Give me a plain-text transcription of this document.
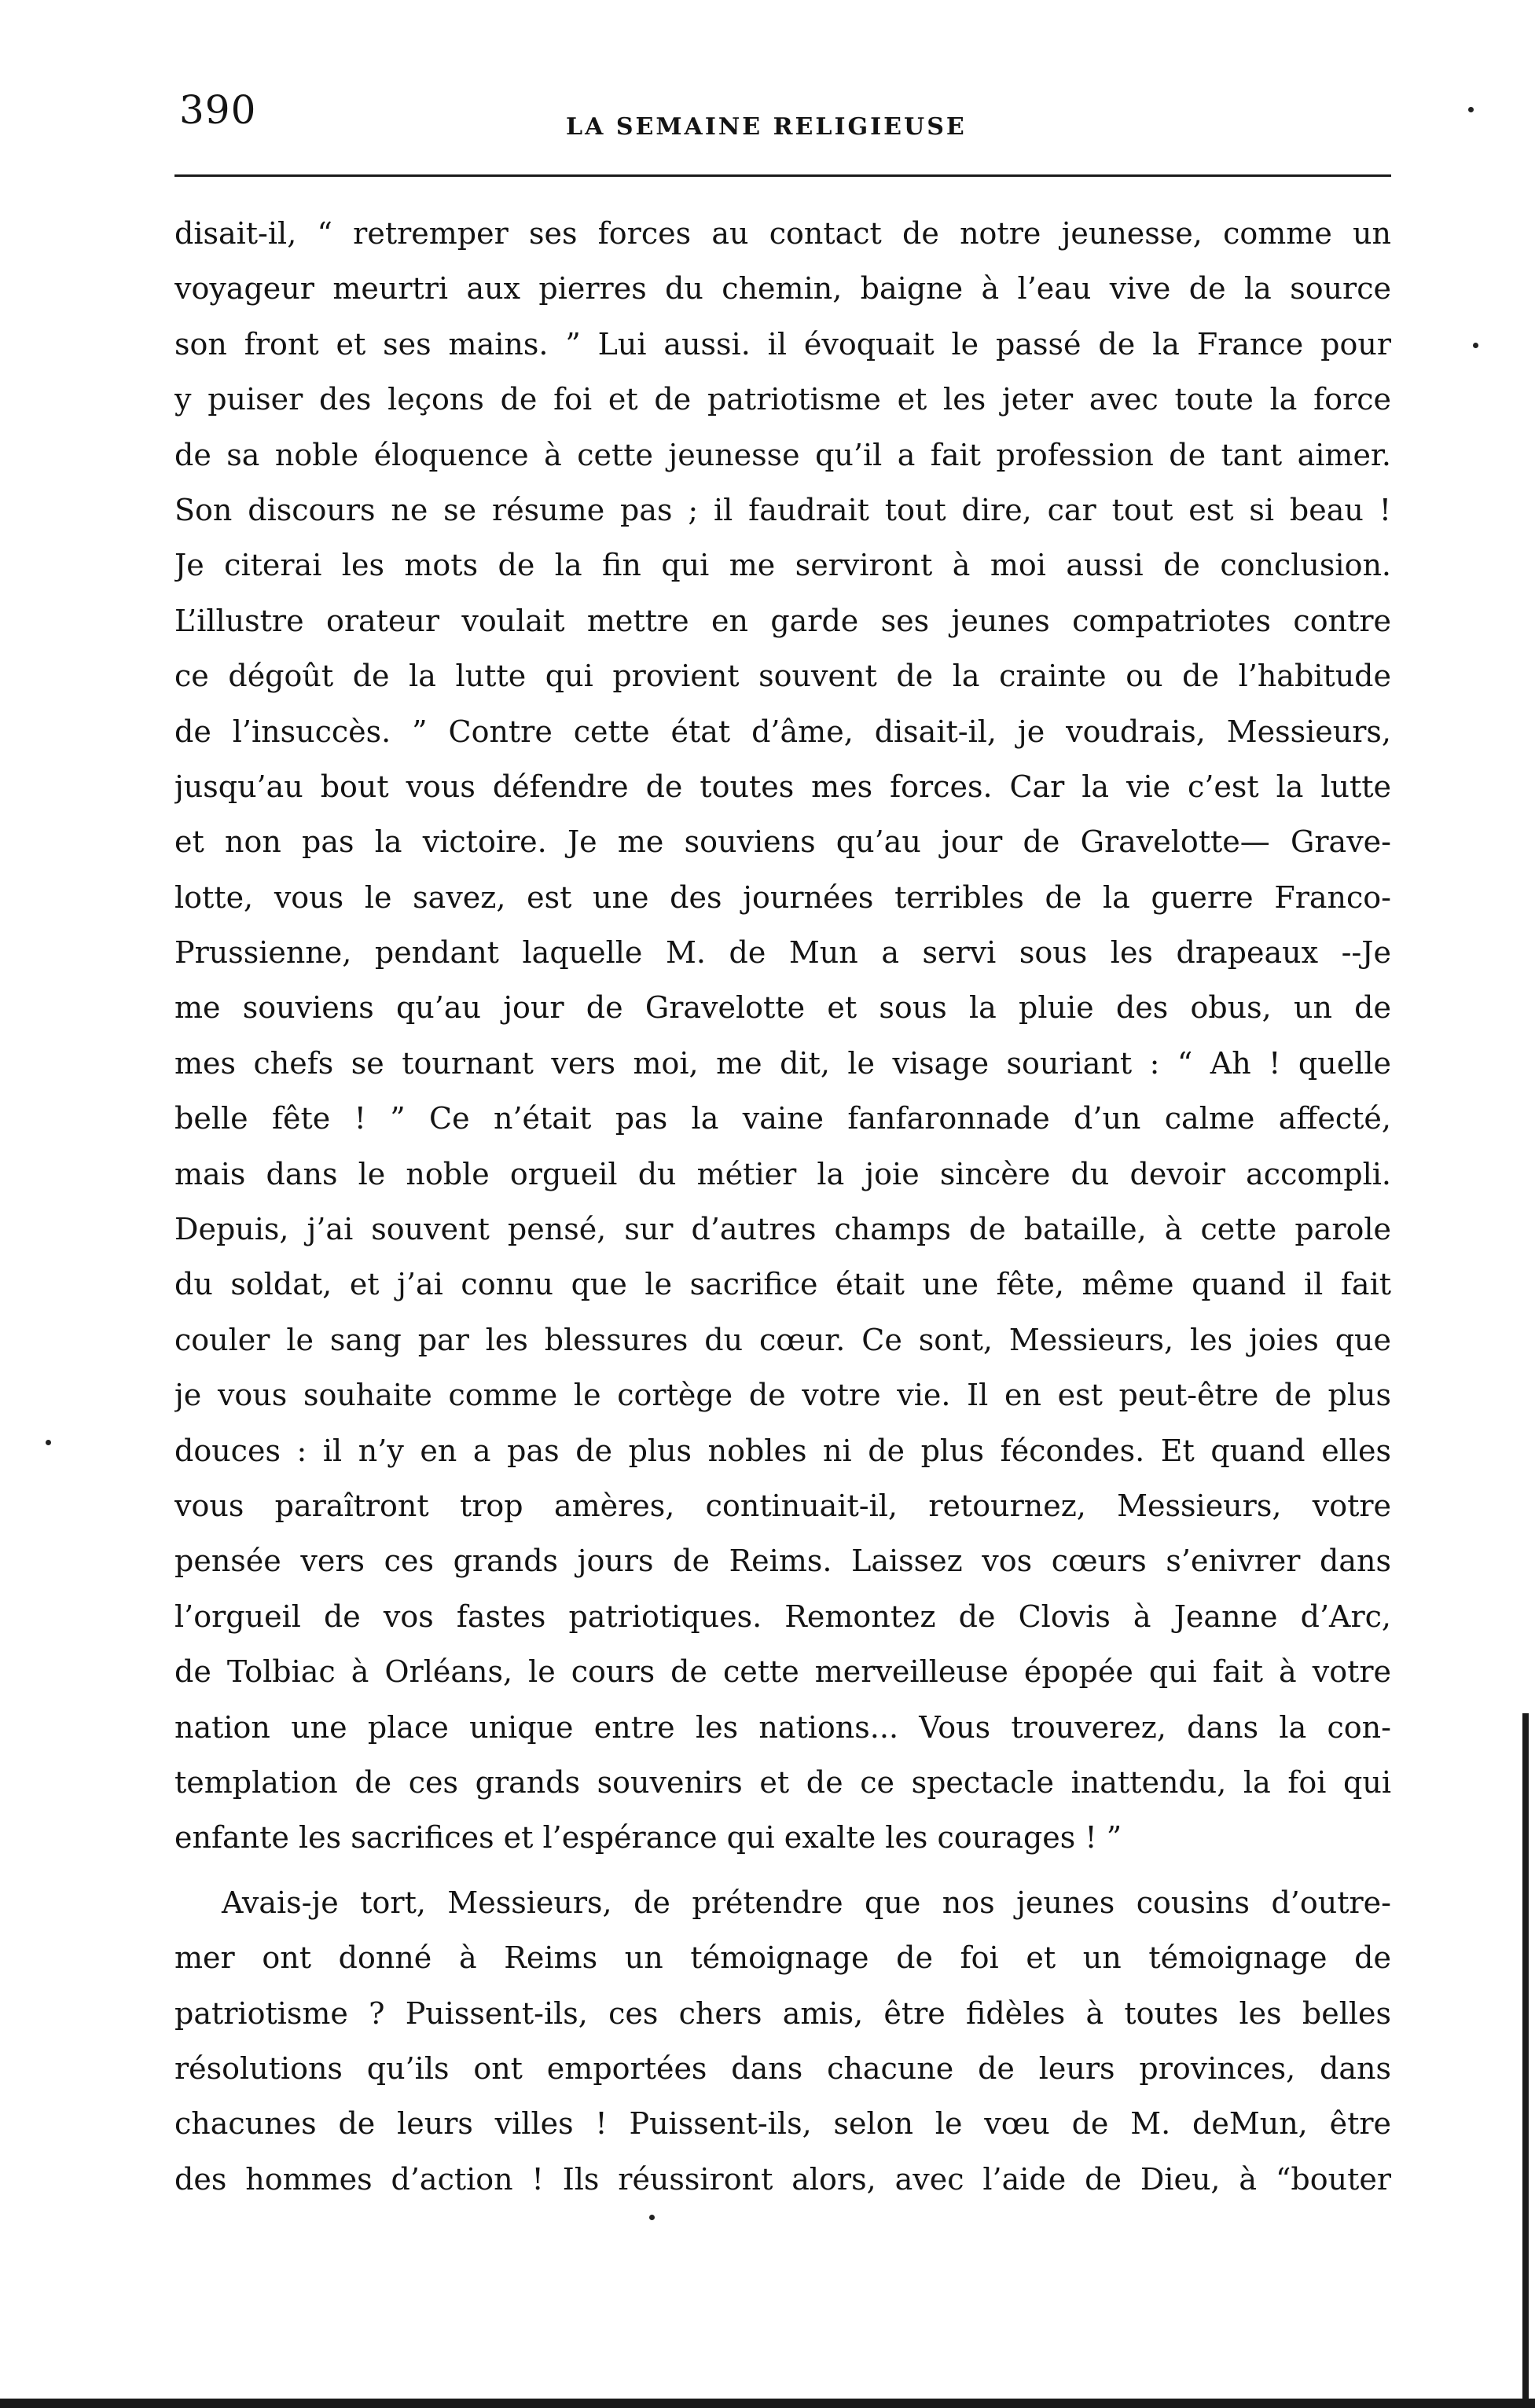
390	LA SEMAINE RELIGIEUSE
disait-il, “ retremper ses forces au contact de notre jeunesse, comme un
voyageur meurtri aux pierres du chemin, baigne à l’eau vive de la source
son front et ses mains. ” Lui aussi. il évoquait le passé de la France pour
y puiser des leçons de foi et de patriotisme et les jeter avec toute la force
de sa noble éloquence à cette jeunesse qu’il a fait profession de tant aimer.
Son discours ne se résume pas ; il faudrait tout dire, car tout est si beau !
Je citerai les mots de la fin qui me serviront à moi aussi de conclusion.
L’illustre orateur voulait mettre en garde ses jeunes compatriotes contre
ce dégoût de la lutte qui provient souvent de la crainte ou de l’habitude
de l’insuccès. ” Contre cette état d’âme, disait-il, je voudrais, Messieurs,
jusqu’au bout vous défendre de toutes mes forces. Car la vie c’est la lutte
et non pas la victoire. Je me souviens qu’au jour de Gravelotte— Grave-
lotte, vous le savez, est une des journées terribles de la guerre Franco-
Prussienne, pendant laquelle M. de Mun a servi sous les drapeaux --Je
me souviens qu’au jour de Gravelotte et sous la pluie des obus, un de
mes chefs se tournant vers moi, me dit, le visage souriant : “ Ah ! quelle
belle fête ! ” Ce n’était pas la vaine fanfaronnade d’un calme affecté,
mais dans le noble orgueil du métier la joie sincère du devoir accompli.
Depuis, j’ai souvent pensé, sur d’autres champs de bataille, à cette parole
du soldat, et j’ai connu que le sacrifice était une fête, même quand il fait
couler le sang par les blessures du cœur. Ce sont, Messieurs, les joies que
je vous souhaite comme le cortège de votre vie. Il en est peut-être de plus
douces : il n’y en a pas de plus nobles ni de plus fécondes. Et quand elles
vous paraîtront trop amères, continuait-il, retournez, Messieurs, votre
pensée vers ces grands jours de Reims. Laissez vos cœurs s’enivrer dans
l’orgueil de vos fastes patriotiques. Remontez de Clovis à Jeanne d’Arc,
de Tolbiac à Orléans, le cours de cette merveilleuse épopée qui fait à votre
nation une place unique entre les nations... Vous trouverez, dans la con-
templation de ces grands souvenirs et de ce spectacle inattendu, la foi qui
enfante les sacrifices et l’espérance qui exalte les courages ! ”
Avais-je tort, Messieurs, de prétendre que nos jeunes cousins d’outre-
mer ont donné à Reims un témoignage de foi et un témoignage de
patriotisme ? Puissent-ils, ces chers amis, être fidèles à toutes les belles
résolutions qu’ils ont emportées dans chacune de leurs provinces, dans
chacunes de leurs villes ! Puissent-ils, selon le vœu de M. deMun, être
des hommes d’action ! Ils réussiront alors, avec l’aide de Dieu, à “bouter
